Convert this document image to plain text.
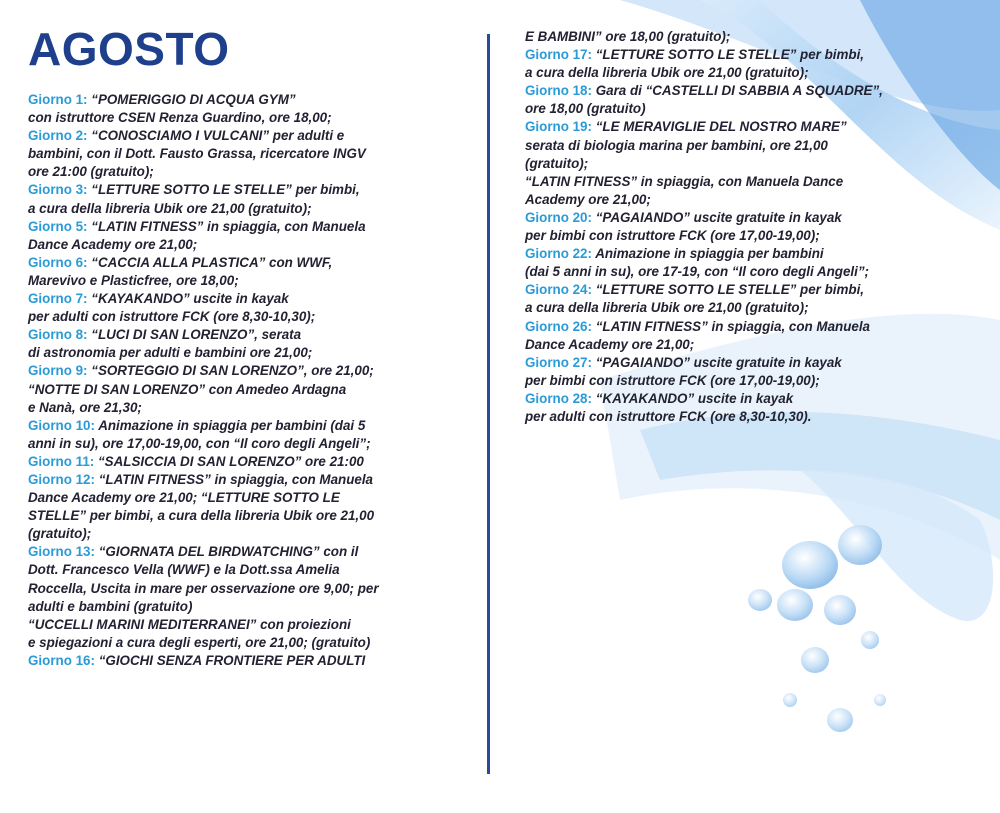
AGOSTO
Giorno 1: “POMERIGGIO DI ACQUA GYM”
con istruttore CSEN Renza Guardino, ore 18,00;
Giorno 2: “CONOSCIAMO I VULCANI” per adulti e
bambini, con il Dott. Fausto Grassa, ricercatore INGV
ore 21:00 (gratuito);
Giorno 3: “LETTURE SOTTO LE STELLE” per bimbi,
a cura della libreria Ubik ore 21,00 (gratuito);
Giorno 5: “LATIN FITNESS” in spiaggia, con Manuela
Dance Academy ore 21,00;
Giorno 6: “CACCIA ALLA PLASTICA” con WWF,
Marevivo e Plasticfree, ore 18,00;
Giorno 7: “KAYAKANDO” uscite in kayak
per adulti con istruttore FCK (ore 8,30-10,30);
Giorno 8: “LUCI DI SAN LORENZO”, serata
di astronomia per adulti e bambini ore 21,00;
Giorno 9: “SORTEGGIO DI SAN LORENZO”, ore 21,00;
“NOTTE DI SAN LORENZO” con Amedeo Ardagna
e Nanà, ore 21,30;
Giorno 10: Animazione in spiaggia per bambini (dai 5
anni in su), ore 17,00-19,00, con “Il coro degli Angeli”;
Giorno 11: “SALSICCIA DI SAN LORENZO” ore 21:00
Giorno 12: “LATIN FITNESS” in spiaggia, con Manuela
Dance Academy ore 21,00; “LETTURE SOTTO LE
STELLE” per bimbi, a cura della libreria Ubik ore 21,00
(gratuito);
Giorno 13: “GIORNATA DEL BIRDWATCHING” con il
Dott. Francesco Vella (WWF) e la Dott.ssa Amelia
Roccella, Uscita in mare per osservazione ore 9,00; per
adulti e bambini (gratuito)
“UCCELLI MARINI MEDITERRANEI” con proiezioni
e spiegazioni a cura degli esperti, ore 21,00; (gratuito)
Giorno 16: “GIOCHI SENZA FRONTIERE PER ADULTI
E BAMBINI” ore 18,00 (gratuito);
Giorno 17: “LETTURE SOTTO LE STELLE” per bimbi,
a cura della libreria Ubik ore 21,00 (gratuito);
Giorno 18: Gara di “CASTELLI DI SABBIA A SQUADRE”,
ore 18,00 (gratuito)
Giorno 19: “LE MERAVIGLIE DEL NOSTRO MARE”
serata di biologia marina per bambini, ore 21,00
(gratuito);
“LATIN FITNESS” in spiaggia, con Manuela Dance
Academy ore 21,00;
Giorno 20: “PAGAIANDO” uscite gratuite in kayak
per bimbi con istruttore FCK (ore 17,00-19,00);
Giorno 22: Animazione in spiaggia per bambini
(dai 5 anni in su), ore 17-19, con “Il coro degli Angeli”;
Giorno 24: “LETTURE SOTTO LE STELLE” per bimbi,
a cura della libreria Ubik ore 21,00 (gratuito);
Giorno 26: “LATIN FITNESS” in spiaggia, con Manuela
Dance Academy ore 21,00;
Giorno 27: “PAGAIANDO” uscite gratuite in kayak
per bimbi con istruttore FCK (ore 17,00-19,00);
Giorno 28: “KAYAKANDO” uscite in kayak
per adulti con istruttore FCK (ore 8,30-10,30).
